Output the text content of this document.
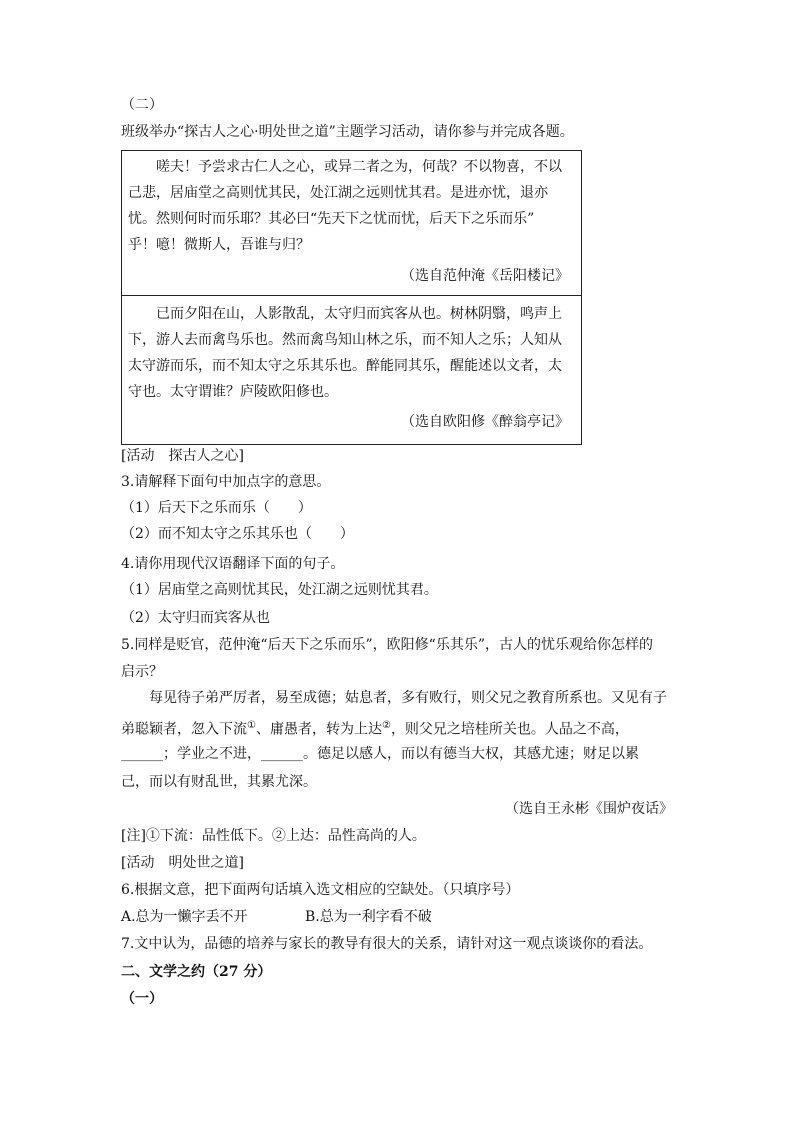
（二）
班级举办“探古人之心·明处世之道”主题学习活动，请你参与并完成各题。
嗟夫！予尝求古仁人之心，或异二者之为，何哉？不以物喜，不以
己悲，居庙堂之高则忧其民，处江湖之远则忧其君。是进亦忧，退亦
忧。然则何时而乐耶？其必曰“先天下之忧而忧，后天下之乐而乐”
乎！噫！微斯人，吾谁与归？
（选自范仲淹《岳阳楼记》
已而夕阳在山，人影散乱，太守归而宾客从也。树林阴翳，鸣声上
下，游人去而禽鸟乐也。然而禽鸟知山林之乐，而不知人之乐；人知从
太守游而乐，而不知太守之乐其乐也。醉能同其乐，醒能述以文者，太
守也。太守谓谁？庐陵欧阳修也。
（选自欧阳修《醉翁亭记》
[活动　探古人之心]
3.请解释下面句中加点字的意思。
（1）后天下之乐而乐（　　）
（2）而不知太守之乐其乐也（　　）
4.请你用现代汉语翻译下面的句子。
（1）居庙堂之高则忧其民，处江湖之远则忧其君。
（2）太守归而宾客从也
5.同样是贬官，范仲淹“后天下之乐而乐”，欧阳修“乐其乐”，古人的忧乐观给你怎样的
启示？
每见待子弟严厉者，易至成德；姑息者，多有败行，则父兄之教育所系也。又见有子
弟聪颖者，忽入下流①、庸愚者，转为上达②，则父兄之培桂所关也。人品之不高，
______；学业之不进，______。德足以感人，而以有德当大权，其感尤速；财足以累
己，而以有财乱世，其累尤深。
（选自王永彬《围炉夜话》
[注]①下流：品性低下。②上达：品性高尚的人。
[活动　明处世之道]
6.根据文意，把下面两句话填入选文相应的空缺处。（只填序号）
A.总为一懒字丢不开	B.总为一利字看不破
7.文中认为，品德的培养与家长的教导有很大的关系，请针对这一观点谈谈你的看法。
二、文学之约（27 分）
（一）
